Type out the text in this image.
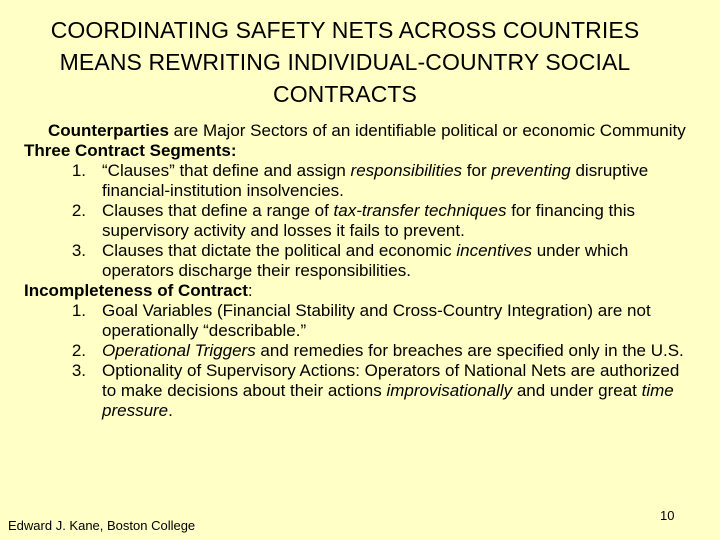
COORDINATING SAFETY NETS ACROSS COUNTRIES
MEANS REWRITING INDIVIDUAL-COUNTRY SOCIAL
CONTRACTS

Counterparties are Major Sectors of an identifiable political or economic Community

Three Contract Segments:

1. “Clauses” that define and assign responsibilities for preventing disruptive financial-institution insolvencies.
2. Clauses that define a range of tax-transfer techniques for financing this supervisory activity and losses it fails to prevent.
3. Clauses that dictate the political and economic incentives under which operators discharge their responsibilities.

Incompleteness of Contract:

1. Goal Variables (Financial Stability and Cross-Country Integration) are not operationally “describable.”
2. Operational Triggers and remedies for breaches are specified only in the U.S.
3. Optionality of Supervisory Actions: Operators of National Nets are authorized to make decisions about their actions improvisationally and under great time pressure.
Edward J. Kane, Boston College
10
